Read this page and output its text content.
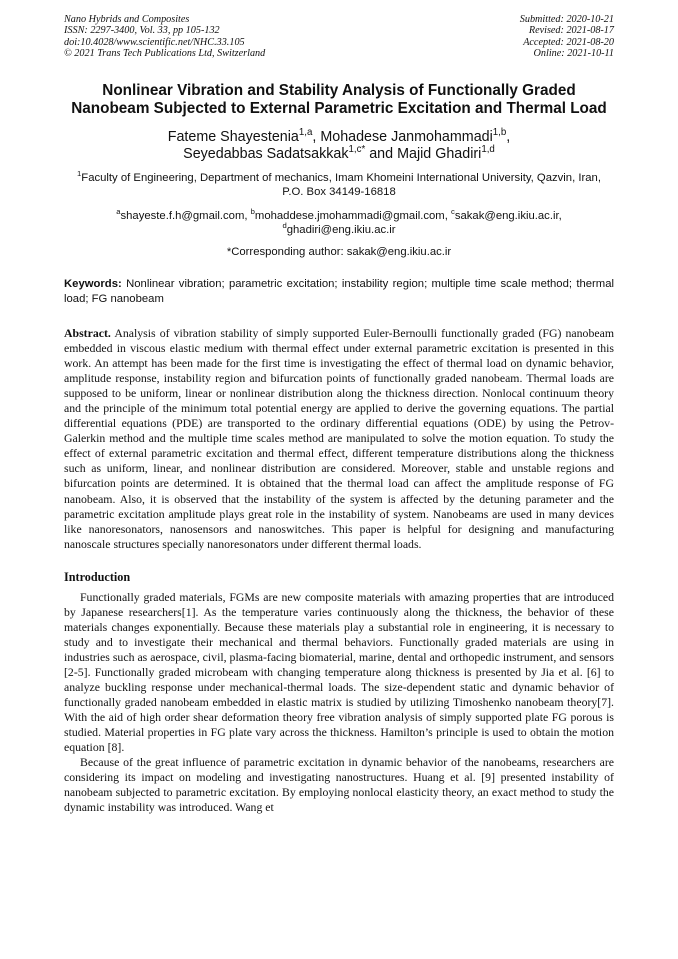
Nano Hybrids and Composites
ISSN: 2297-3400, Vol. 33, pp 105-132
doi:10.4028/www.scientific.net/NHC.33.105
© 2021 Trans Tech Publications Ltd, Switzerland
Submitted: 2020-10-21
Revised: 2021-08-17
Accepted: 2021-08-20
Online: 2021-10-11
Nonlinear Vibration and Stability Analysis of Functionally Graded Nanobeam Subjected to External Parametric Excitation and Thermal Load
Fateme Shayestenia$^{1,a}$, Mohadese Janmohammadi$^{1,b}$,
Seyedabbas Sadatsakkak$^{1,c*}$ and Majid Ghadiri$^{1,d}$
$^1$Faculty of Engineering, Department of mechanics, Imam Khomeini International University, Qazvin, Iran, P.O. Box 34149-16818
$^a$shayeste.f.h@gmail.com, $^b$mohaddese.jmohammadi@gmail.com, $^c$sakak@eng.ikiu.ac.ir,
$^d$ghadiri@eng.ikiu.ac.ir
*Corresponding author: sakak@eng.ikiu.ac.ir
Keywords: Nonlinear vibration; parametric excitation; instability region; multiple time scale method; thermal load; FG nanobeam
Abstract. Analysis of vibration stability of simply supported Euler-Bernoulli functionally graded (FG) nanobeam embedded in viscous elastic medium with thermal effect under external parametric excitation is presented in this work. An attempt has been made for the first time is investigating the effect of thermal load on dynamic behavior, amplitude response, instability region and bifurcation points of functionally graded nanobeam. Thermal loads are supposed to be uniform, linear or nonlinear distribution along the thickness direction. Nonlocal continuum theory and the principle of the minimum total potential energy are applied to derive the governing equations. The partial differential equations (PDE) are transported to the ordinary differential equations (ODE) by using the Petrov-Galerkin method and the multiple time scales method are manipulated to solve the motion equation. To study the effect of external parametric excitation and thermal effect, different temperature distributions along the thickness such as uniform, linear, and nonlinear distribution are considered. Moreover, stable and unstable regions and bifurcation points are determined. It is obtained that the thermal load can affect the amplitude response of FG nanobeam. Also, it is observed that the instability of the system is affected by the detuning parameter and the parametric excitation amplitude plays great role in the instability of system. Nanobeams are used in many devices like nanoresonators, nanosensors and nanoswitches. This paper is helpful for designing and manufacturing nanoscale structures specially nanoresonators under different thermal loads.
Introduction

Functionally graded materials, FGMs are new composite materials with amazing properties that are introduced by Japanese researchers[1]. As the temperature varies continuously along the thickness, the behavior of these materials changes exponentially. Because these materials play a substantial role in engineering, it is necessary to study and to investigate their mechanical and thermal behaviors. Functionally graded materials are using in industries such as aerospace, civil, plasma-facing biomaterial, marine, dental and orthopedic instrument, and sensors [2-5]. Functionally graded microbeam with changing temperature along thickness is presented by Jia et al. [6] to analyze buckling response under mechanical-thermal loads. The size-dependent static and dynamic behavior of functionally graded nanobeam embedded in elastic matrix is studied by utilizing Timoshenko nanobeam theory[7]. With the aid of high order shear deformation theory free vibration analysis of simply supported plate FG porous is studied. Material properties in FG plate vary across the thickness. Hamilton’s principle is used to obtain the motion equation [8].

Because of the great influence of parametric excitation in dynamic behavior of the nanobeams, researchers are considering its impact on modeling and investigating nanostructures. Huang et al. [9] presented instability of nanobeam subjected to parametric excitation. By employing nonlocal elasticity theory, an exact method to study the dynamic instability was introduced. Wang et
